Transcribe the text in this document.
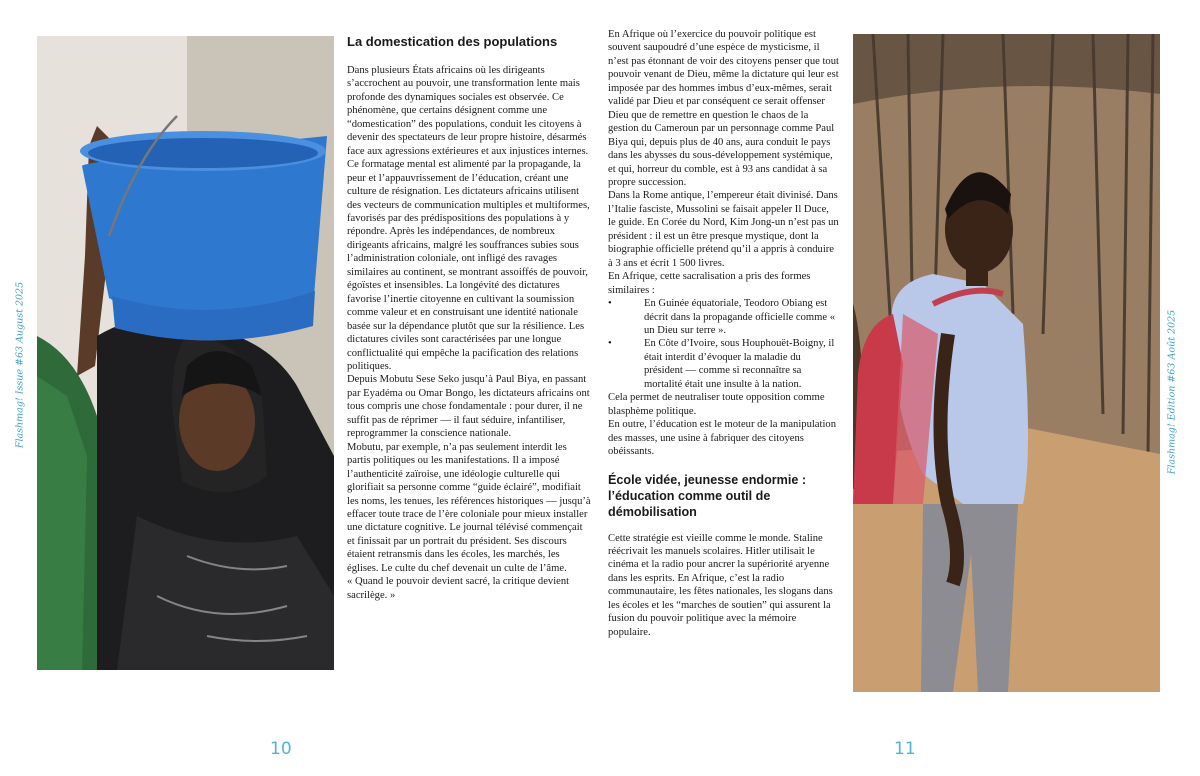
Flashmag! Issue #63 August 2025
La domestication des populations

Dans plusieurs États africains où les dirigeants s’accrochent au pouvoir, une transformation lente mais profonde des dynamiques sociales est observée. Ce phénomène, que certains désignent comme une “domestication” des populations, conduit les citoyens à devenir des spectateurs de leur propre histoire, désarmés face aux agressions extérieures et aux injustices internes. Ce formatage mental est alimenté par la propagande, la peur et l’appauvrissement de l’éducation, créant une culture de résignation. Les dictateurs africains utilisent des vecteurs de communication multiples et multiformes, favorisés par des prédispositions des populations à y répondre. Après les indépendances, de nombreux dirigeants africains, malgré les souffrances subies sous l’administration coloniale, ont infligé des ravages similaires au continent, se montrant assoiffés de pouvoir, égoïstes et insensibles. La longévité des dictatures favorise l’inertie citoyenne en cultivant la soumission comme valeur et en construisant une identité nationale basée sur la dépendance plutôt que sur la résilience. Les dictatures civiles sont caractérisées par une longue conflictualité qui empêche la pacification des relations politiques.

Depuis Mobutu Sese Seko jusqu’à Paul Biya, en passant par Eyadéma ou Omar Bongo, les dictateurs africains ont tous compris une chose fondamentale : pour durer, il ne suffit pas de réprimer — il faut séduire, infantiliser, reprogrammer la conscience nationale.

Mobutu, par exemple, n’a pas seulement interdit les partis politiques ou les manifestations. Il a imposé l’authenticité zaïroise, une idéologie culturelle qui glorifiait sa personne comme “guide éclairé”, modifiait les noms, les tenues, les références historiques — jusqu’à effacer toute trace de l’ère coloniale pour mieux installer une dictature cognitive. Le journal télévisé commençait et finissait par un portrait du président. Ses discours étaient retransmis dans les écoles, les marchés, les églises. Le culte du chef devenait un culte de l’âme.

« Quand le pouvoir devient sacré, la critique devient sacrilège. »

En Afrique où l’exercice du pouvoir politique est souvent saupoudré d’une espèce de mysticisme, il n’est pas étonnant de voir des citoyens penser que tout pouvoir venant de Dieu, même la dictature qui leur est imposée par des hommes imbus d’eux-mêmes, serait validé par Dieu et par conséquent ce serait offenser Dieu que de remettre en question le chaos de la gestion du Cameroun par un personnage comme Paul Biya qui, depuis plus de 40 ans, aura conduit le pays dans les abysses du sous-développement systémique, et qui, horreur du comble, est à 93 ans candidat à sa propre succession.

Dans la Rome antique, l’empereur était divinisé. Dans l’Italie fasciste, Mussolini se faisait appeler Il Duce, le guide. En Corée du Nord, Kim Jong-un n’est pas un président : il est un être presque mystique, dont la biographie officielle prétend qu’il a appris à conduire à 3 ans et écrit 1 500 livres.

En Afrique, cette sacralisation a pris des formes similaires :

•	En Guinée équatoriale, Teodoro Obiang est décrit dans la propagande officielle comme « un Dieu sur terre ».
•	En Côte d’Ivoire, sous Houphouët-Boigny, il était interdit d’évoquer la maladie du président — comme si reconnaître sa mortalité était une insulte à la nation.

Cela permet de neutraliser toute opposition comme blasphème politique.

En outre, l’éducation est le moteur de la manipulation des masses, une usine à fabriquer des citoyens obéissants.

École vidée, jeunesse endormie : l’éducation comme outil de démobilisation

Cette stratégie est vieille comme le monde. Staline réécrivait les manuels scolaires. Hitler utilisait le cinéma et la radio pour ancrer la supériorité aryenne dans les esprits. En Afrique, c’est la radio communautaire, les fêtes nationales, les slogans dans les écoles et les “marches de soutien” qui assurent la fusion du pouvoir politique avec la mémoire populaire.

Flashmag! Edition #63 Août 2025
10	11
